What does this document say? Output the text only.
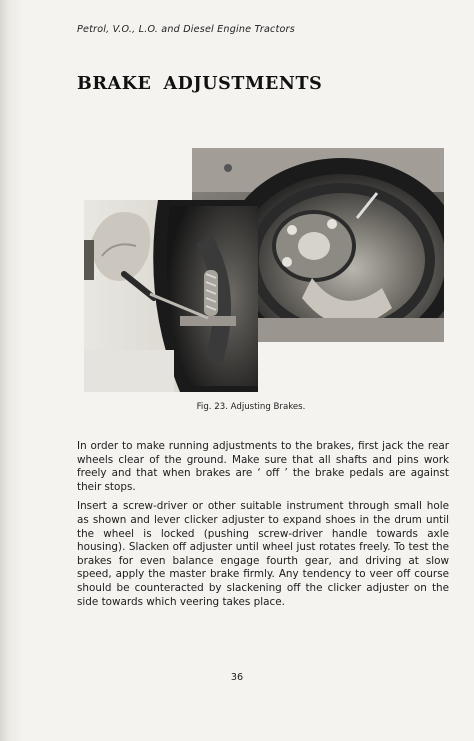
Petrol, V.O., L.O. and Diesel Engine Tractors
BRAKE ADJUSTMENTS
Fig. 23. Adjusting Brakes.

In order to make running adjustments to the brakes, first jack the rear wheels clear of the ground. Make sure that all shafts and pins work freely and that when brakes are ‘ off ’ the brake pedals are against their stops.

Insert a screw-driver or other suitable instrument through small hole as shown and lever clicker adjuster to expand shoes in the drum until the wheel is locked (pushing screw-driver handle towards axle housing). Slacken off adjuster until wheel just rotates freely. To test the brakes for even balance engage fourth gear, and driving at slow speed, apply the master brake firmly. Any tendency to veer off course should be counteracted by slackening off the clicker adjuster on the side towards which veering takes place.

36
